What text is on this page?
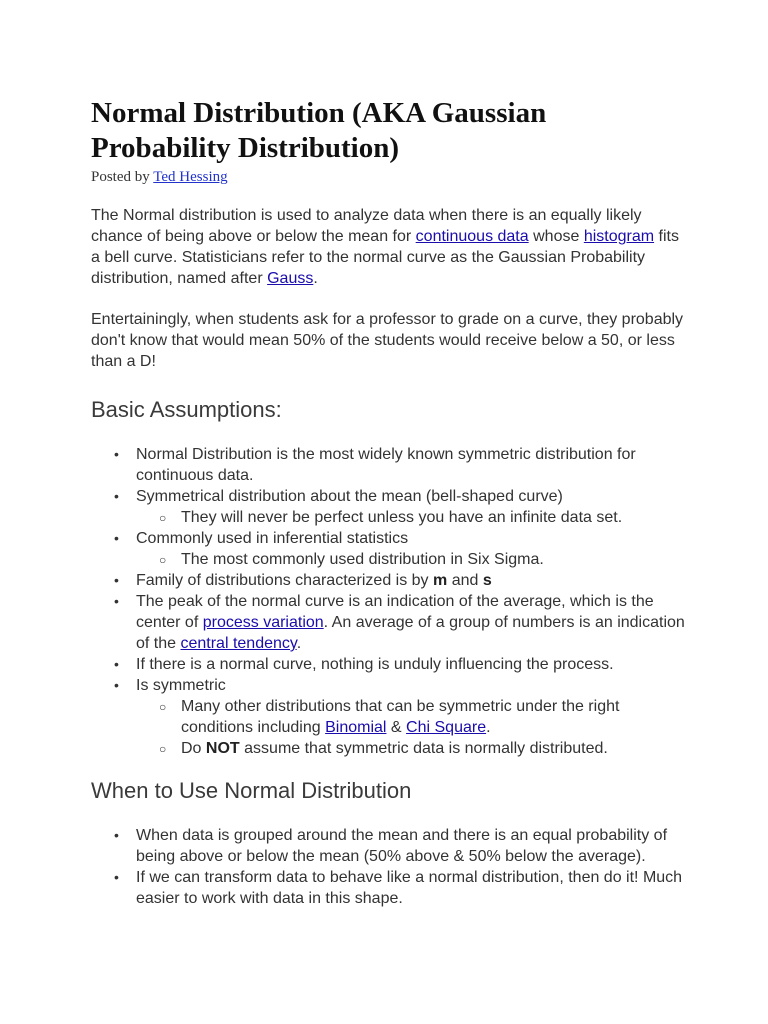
Normal Distribution (AKA Gaussian Probability Distribution)
Posted by Ted Hessing

The Normal distribution is used to analyze data when there is an equally likely chance of being above or below the mean for continuous data whose histogram fits a bell curve. Statisticians refer to the normal curve as the Gaussian Probability distribution, named after Gauss.

Entertainingly, when students ask for a professor to grade on a curve, they probably don't know that would mean 50% of the students would receive below a 50, or less than a D!

Basic Assumptions:
• Normal Distribution is the most widely known symmetric distribution for continuous data.
• Symmetrical distribution about the mean (bell-shaped curve)
○ They will never be perfect unless you have an infinite data set.
• Commonly used in inferential statistics
○ The most commonly used distribution in Six Sigma.
• Family of distributions characterized is by m and s
• The peak of the normal curve is an indication of the average, which is the center of process variation. An average of a group of numbers is an indication of the central tendency.
• If there is a normal curve, nothing is unduly influencing the process.
• Is symmetric
○ Many other distributions that can be symmetric under the right conditions including Binomial & Chi Square.
○ Do NOT assume that symmetric data is normally distributed.
When to Use Normal Distribution
• When data is grouped around the mean and there is an equal probability of being above or below the mean (50% above & 50% below the average).
• If we can transform data to behave like a normal distribution, then do it! Much easier to work with data in this shape.
